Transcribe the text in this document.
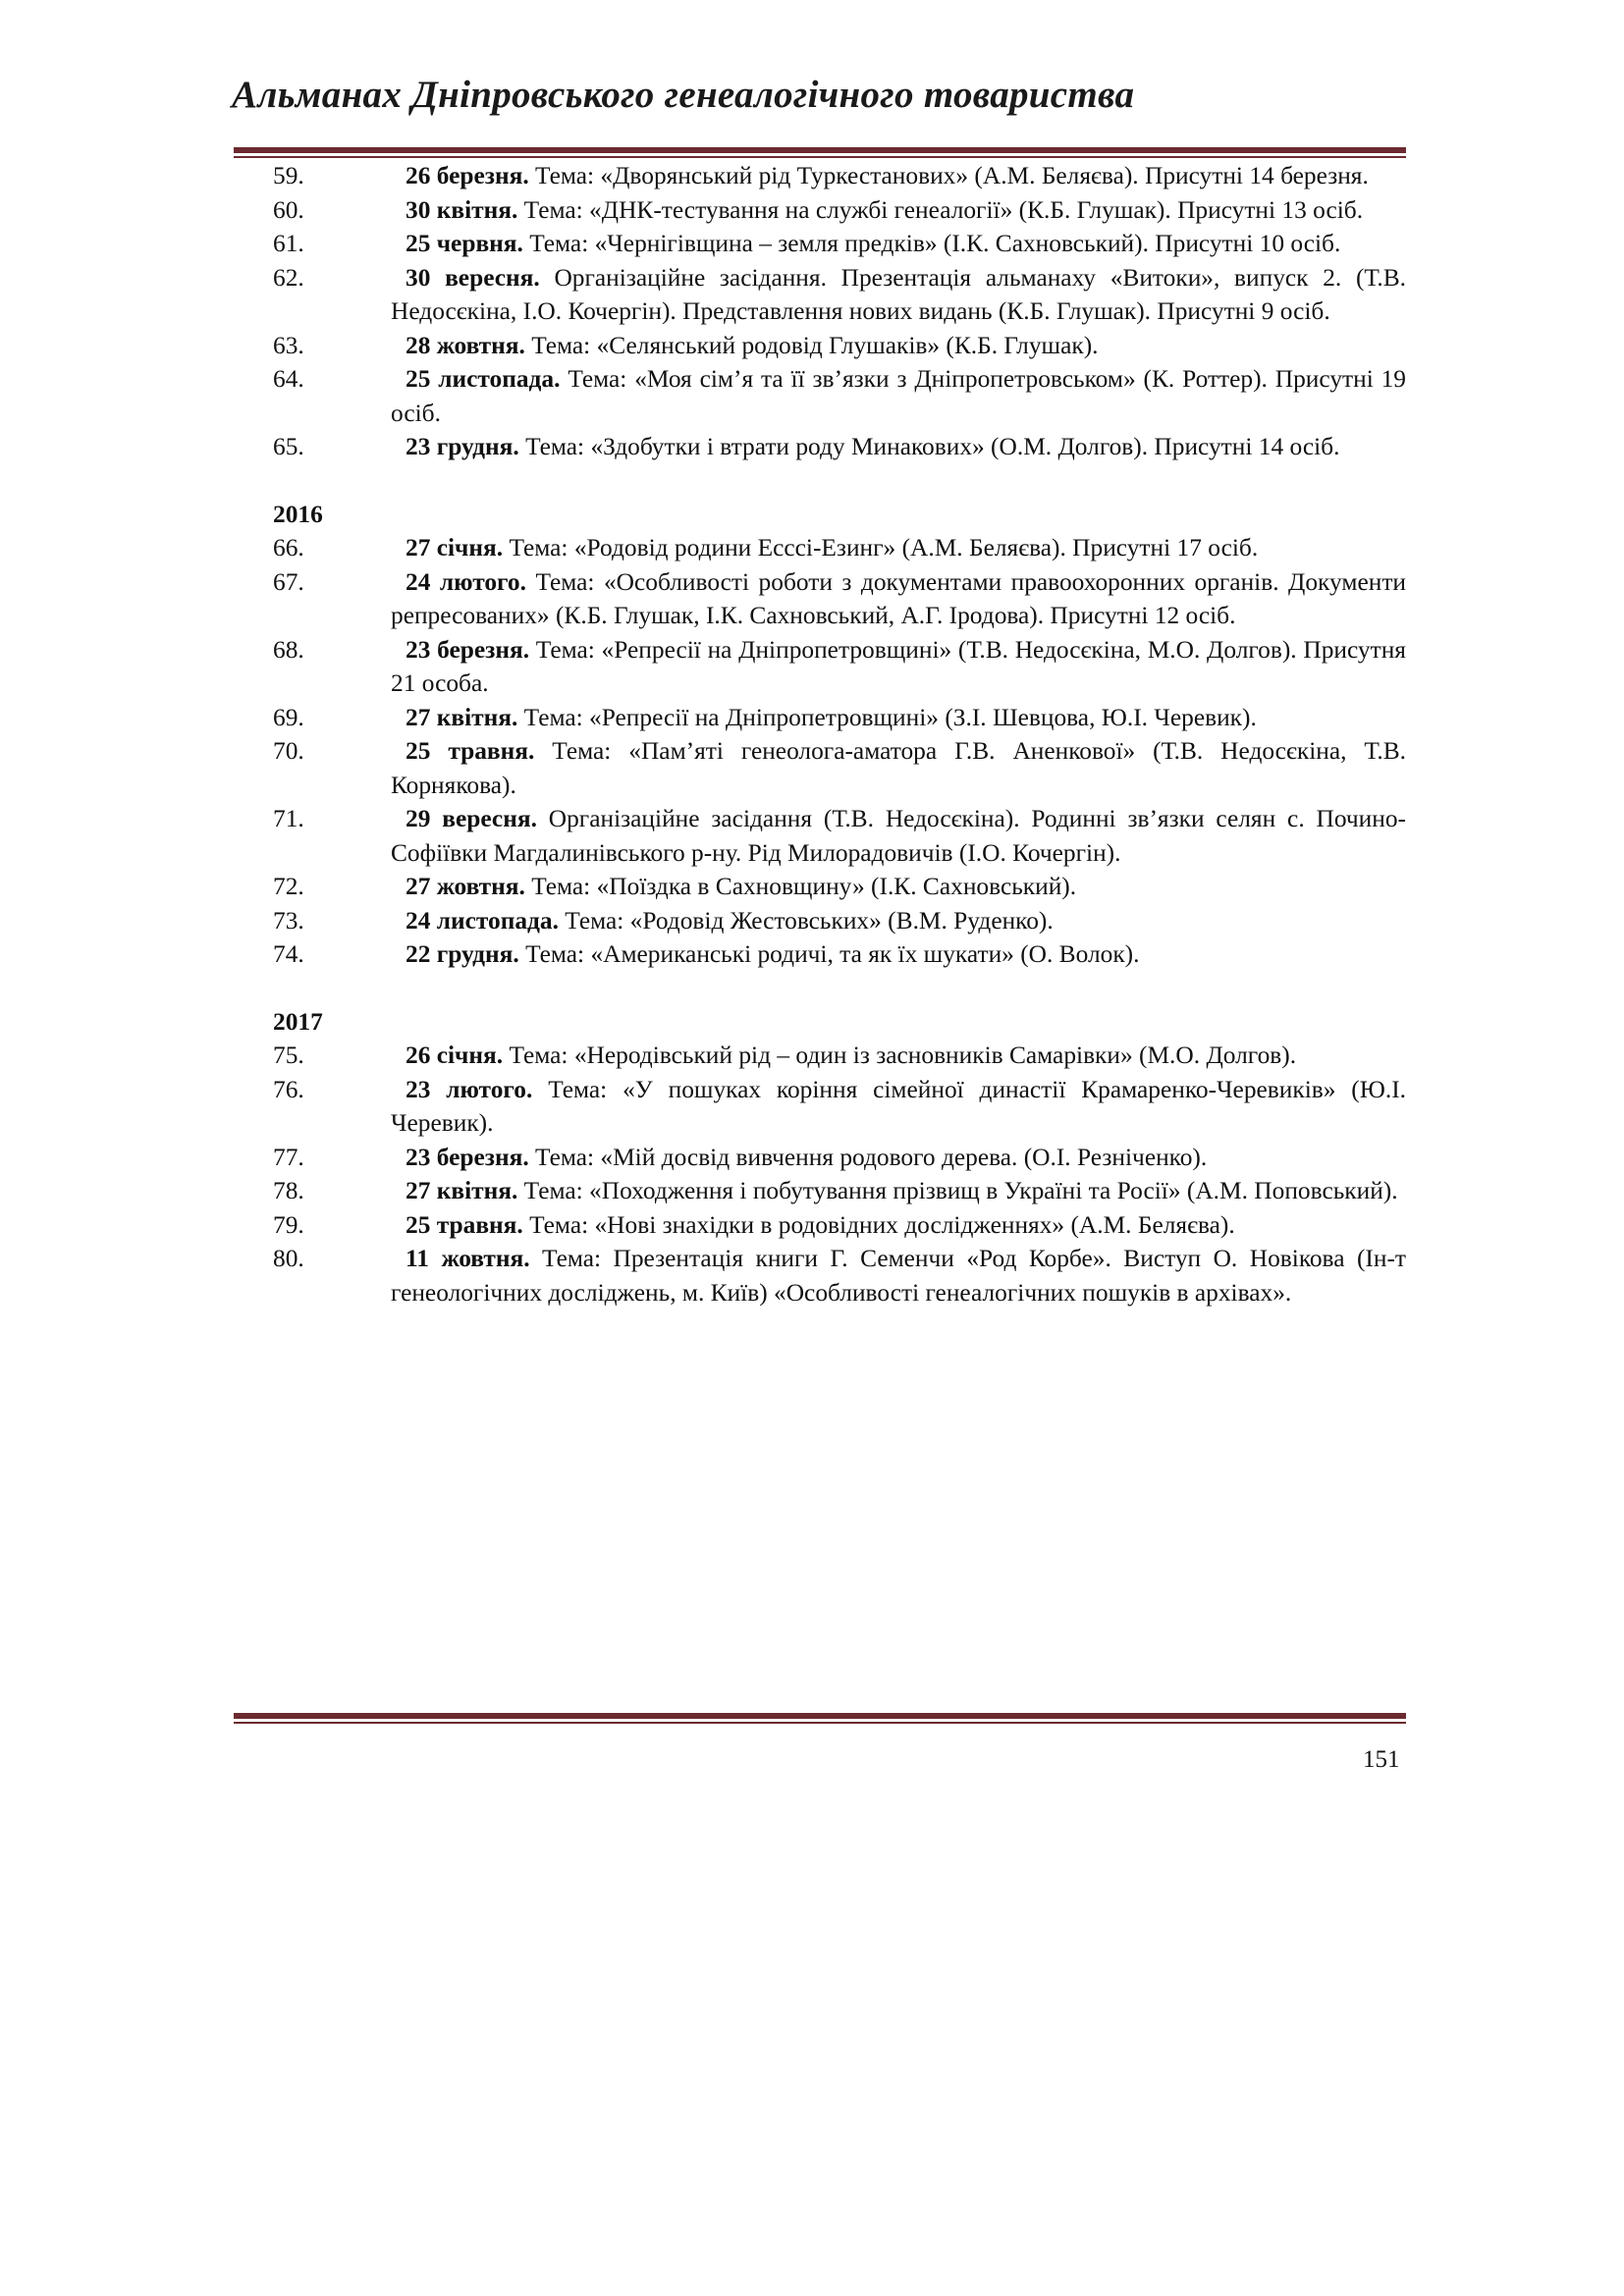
Альманах Дніпровського генеалогічного товариства
59.	26 березня. Тема: «Дворянський рід Туркестанових» (А.М. Беляєва). Присутні 14 березня.
60.	30 квітня. Тема: «ДНК-тестування на службі генеалогії» (К.Б. Глушак). Присутні 13 осіб.
61.	25 червня. Тема: «Чернігівщина – земля предків» (І.К. Сахновський). Присутні 10 осіб.
62.	30 вересня. Організаційне засідання. Презентація альманаху «Витоки», випуск 2. (Т.В. Недосєкіна, І.О. Кочергін). Представлення нових видань (К.Б. Глушак). Присутні 9 осіб.
63.	28 жовтня. Тема: «Селянський родовід Глушаків» (К.Б. Глушак).
64.	25 листопада. Тема: «Моя сім’я та її зв’язки з Дніпропетровськом» (К. Роттер). Присутні 19 осіб.
65.	23 грудня. Тема: «Здобутки і втрати роду Минакових» (О.М. Долгов). Присутні 14 осіб.
2016
66.	27 січня. Тема: «Родовід родини Есссі-Езинг» (А.М. Беляєва). Присутні 17 осіб.
67.	24 лютого. Тема: «Особливості роботи з документами правоохоронних органів. Документи репресованих» (К.Б. Глушак, І.К. Сахновський, А.Г. Іродова). Присутні 12 осіб.
68.	23 березня. Тема: «Репресії на Дніпропетровщині» (Т.В. Недосєкіна, М.О. Долгов). Присутня 21 особа.
69.	27 квітня. Тема: «Репресії на Дніпропетровщині» (З.І. Шевцова, Ю.І. Черевик).
70.	25 травня. Тема: «Пам’яті генеолога-аматора Г.В. Аненкової» (Т.В. Недосєкіна, Т.В. Корнякова).
71.	29 вересня. Організаційне засідання (Т.В. Недосєкіна). Родинні зв’язки селян с. Почино-Софіївки Магдалинівського р-ну. Рід Милорадовичів (І.О. Кочергін).
72.	27 жовтня. Тема: «Поїздка в Сахновщину» (І.К. Сахновський).
73.	24 листопада. Тема: «Родовід Жестовських» (В.М. Руденко).
74.	22 грудня. Тема: «Американські родичі, та як їх шукати» (О. Волок).
2017
75.	26 січня. Тема: «Неродівський рід – один із засновників Самарівки» (М.О. Долгов).
76.	23 лютого. Тема: «У пошуках коріння сімейної династії Крамаренко-Черевиків» (Ю.І. Черевик).
77.	23 березня. Тема: «Мій досвід вивчення родового дерева. (О.І. Резніченко).
78.	27 квітня. Тема: «Походження і побутування прізвищ в Україні та Росії» (А.М. Поповський).
79.	25 травня. Тема: «Нові знахідки в родовідних дослідженнях» (А.М. Беляєва).
80.	11 жовтня. Тема: Презентація книги Г. Семенчи «Род Корбе». Виступ О. Новікова (Ін-т генеологічних досліджень, м. Київ) «Особливості генеалогічних пошуків в архівах».
151
